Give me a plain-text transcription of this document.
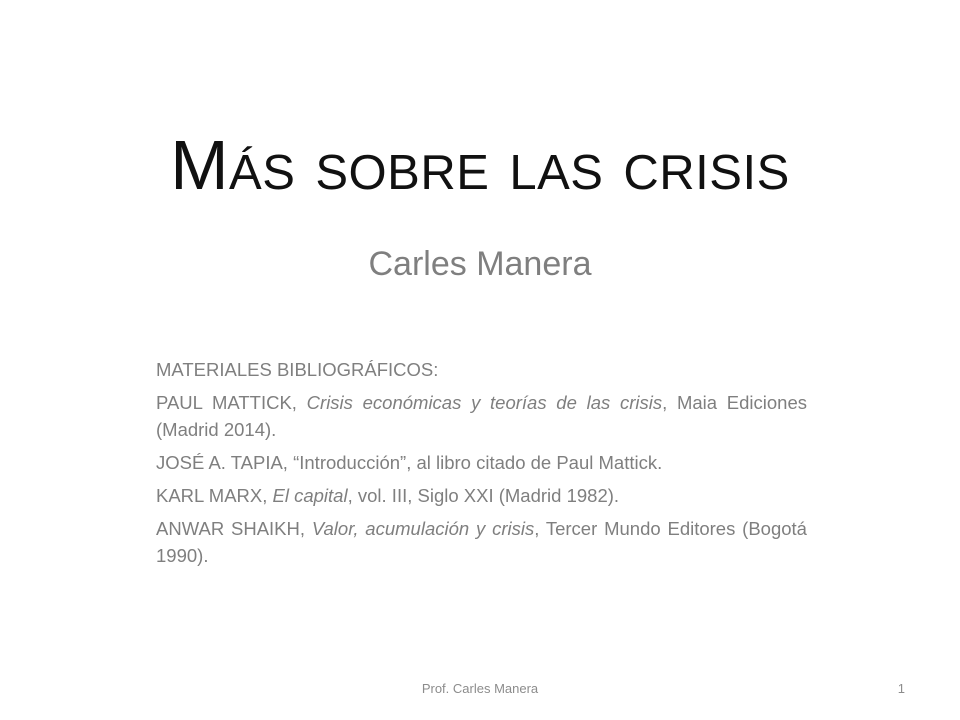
Más sobre las crisis
Carles Manera

MATERIALES BIBLIOGRÁFICOS:

PAUL MATTICK, Crisis económicas y teorías de las crisis, Maia Ediciones (Madrid 2014).

JOSÉ A. TAPIA, “Introducción”, al libro citado de Paul Mattick.

KARL MARX, El capital, vol. III, Siglo XXI (Madrid 1982).

ANWAR SHAIKH, Valor, acumulación y crisis, Tercer Mundo Editores (Bogotá 1990).

Prof. Carles Manera	1
